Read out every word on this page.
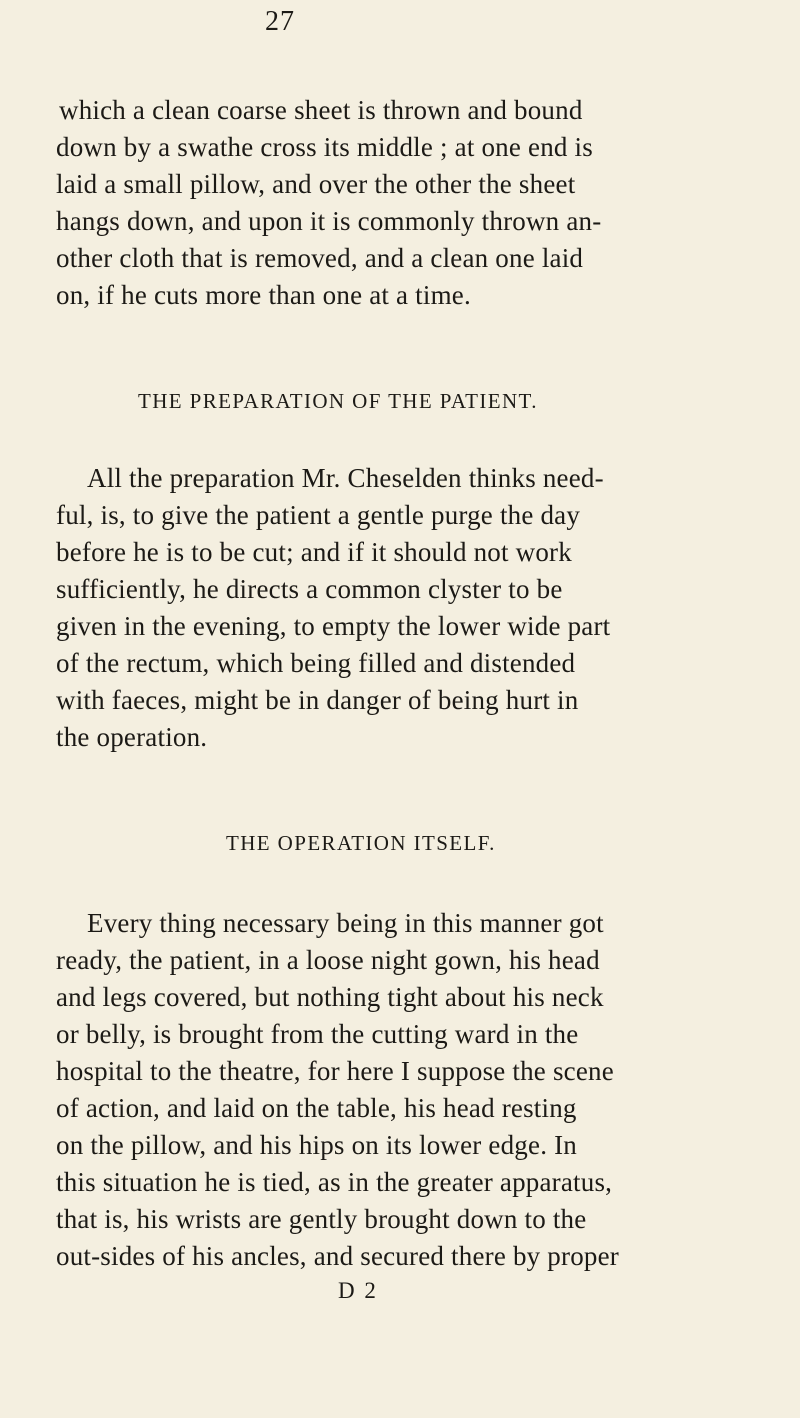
27
which a clean coarse sheet is thrown and bound
down by a swathe cross its middle ; at one end is
laid a small pillow, and over the other the sheet
hangs down, and upon it is commonly thrown an-
other cloth that is removed, and a clean one laid
on, if he cuts more than one at a time.
THE PREPARATION OF THE PATIENT.
All the preparation Mr. Cheselden thinks need-
ful, is, to give the patient a gentle purge the day
before he is to be cut; and if it should not work
sufficiently, he directs a common clyster to be
given in the evening, to empty the lower wide part
of the rectum, which being filled and distended
with faeces, might be in danger of being hurt in
the operation.
THE OPERATION ITSELF.
Every thing necessary being in this manner got
ready, the patient, in a loose night gown, his head
and legs covered, but nothing tight about his neck
or belly, is brought from the cutting ward in the
hospital to the theatre, for here I suppose the scene
of action, and laid on the table, his head resting
on the pillow, and his hips on its lower edge. In
this situation he is tied, as in the greater apparatus,
that is, his wrists are gently brought down to the
out-sides of his ancles, and secured there by proper
D 2
